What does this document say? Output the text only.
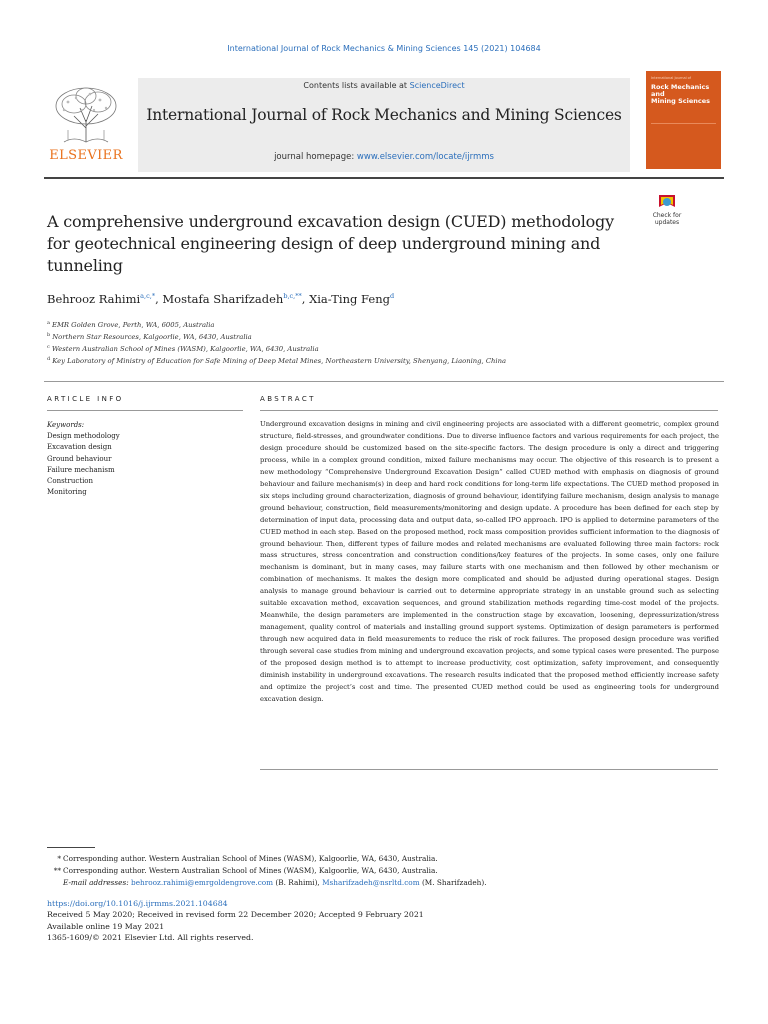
International Journal of Rock Mechanics & Mining Sciences 145 (2021) 104684
ELSEVIER
Contents lists available at ScienceDirect
International Journal of Rock Mechanics and Mining Sciences
journal homepage: www.elsevier.com/locate/ijrmms
International Journal of
Rock Mechanics
and
Mining Sciences
A comprehensive underground excavation design (CUED) methodology for geotechnical engineering design of deep underground mining and tunneling
Check for updates
Behrooz Rahimi$^{a,c,*}$, Mostafa Sharifzadeh$^{b,c,**}$, Xia-Ting Feng$^d$
$^a$ EMR Golden Grove, Perth, WA, 6005, Australia
$^b$ Northern Star Resources, Kalgoorlie, WA, 6430, Australia
$^c$ Western Australian School of Mines (WASM), Kalgoorlie, WA, 6430, Australia
$^d$ Key Laboratory of Ministry of Education for Safe Mining of Deep Metal Mines, Northeastern University, Shenyang, Liaoning, China
ARTICLE INFO	ABSTRACT
Keywords:
Design methodology
Excavation design
Ground behaviour
Failure mechanism
Construction
Monitoring
Underground excavation designs in mining and civil engineering projects are associated with a different geometric, complex ground structure, field-stresses, and groundwater conditions. Due to diverse influence factors and various requirements for each project, the design procedure should be customized based on the site-specific factors. The design procedure is only a direct and triggering process, while in a complex ground condition, mixed failure mechanisms may occur. The objective of this research is to present a new methodology “Comprehensive Underground Excavation Design” called CUED method with emphasis on diagnosis of ground behaviour and failure mechanism(s) in deep and hard rock conditions for long-term life expectations. The CUED method proposed in six steps including ground characterization, diagnosis of ground behaviour, identifying failure mechanism, design analysis to manage ground behaviour, construction, field measurements/monitoring and design update. A procedure has been defined for each step by determination of input data, processing data and output data, so-called IPO approach. IPO is applied to determine parameters of the CUED method in each step. Based on the proposed method, rock mass composition provides sufficient information to the diagnosis of ground behaviour. Then, different types of failure modes and related mechanisms are evaluated following three main factors: rock mass structures, stress concentration and construction conditions/key features of the projects. In some cases, only one failure mechanism is dominant, but in many cases, may failure starts with one mechanism and then followed by other mechanism or combination of mechanisms. It makes the design more complicated and should be adjusted during operational stages. Design analysis to manage ground behaviour is carried out to determine appropriate strategy in an unstable ground such as selecting suitable excavation method, excavation sequences, and ground stabilization methods regarding time-cost model of the projects. Meanwhile, the design parameters are implemented in the construction stage by excavation, loosening, depressurization/stress management, quality control of materials and installing ground support systems. Optimization of design parameters is performed through new acquired data in field measurements to reduce the risk of rock failures. The proposed design procedure was verified through several case studies from mining and underground excavation projects, and some typical cases were presented. The purpose of the proposed design method is to attempt to increase productivity, cost optimization, safety improvement, and consequently diminish instability in underground excavations. The research results indicated that the proposed method efficiently increase safety and optimize the project’s cost and time. The presented CUED method could be used as engineering tools for underground excavation design.
* Corresponding author. Western Australian School of Mines (WASM), Kalgoorlie, WA, 6430, Australia.
** Corresponding author. Western Australian School of Mines (WASM), Kalgoorlie, WA, 6430, Australia.
E-mail addresses: behrooz.rahimi@emrgoldengrove.com (B. Rahimi), Msharifzadeh@nsrltd.com (M. Sharifzadeh).
https://doi.org/10.1016/j.ijrmms.2021.104684
Received 5 May 2020; Received in revised form 22 December 2020; Accepted 9 February 2021
Available online 19 May 2021
1365-1609/© 2021 Elsevier Ltd. All rights reserved.
